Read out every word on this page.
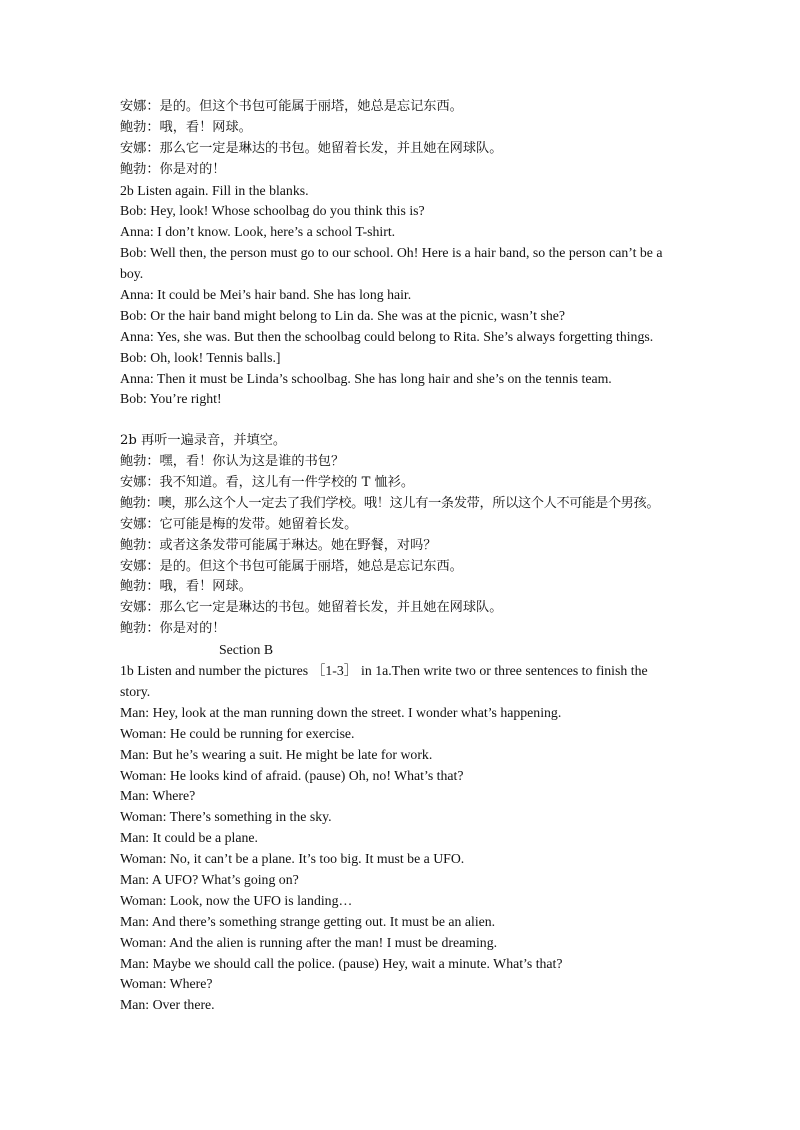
安娜：是的。但这个书包可能属于丽塔，她总是忘记东西。
鲍勃：哦，看！网球。
安娜：那么它一定是琳达的书包。她留着长发，并且她在网球队。
鲍勃：你是对的！
2b Listen again. Fill in the blanks.
Bob: Hey, look! Whose schoolbag do you think this is?
Anna: I don’t know. Look, here’s a school T-shirt.
Bob: Well then, the person must go to our school. Oh! Here is a hair band, so the person can’t be a
boy.
Anna: It could be Mei’s hair band. She has long hair.
Bob: Or the hair band might belong to Lin da. She was at the picnic, wasn’t she?
Anna: Yes, she was. But then the schoolbag could belong to Rita. She’s always forgetting things.
Bob: Oh, look! Tennis balls.]
Anna: Then it must be Linda’s schoolbag. She has long hair and she’s on the tennis team.
Bob: You’re right!
2b 再听一遍录音，并填空。
鲍勃：嘿，看！你认为这是谁的书包？
安娜：我不知道。看，这儿有一件学校的 T 恤衫。
鲍勃：噢，那么这个人一定去了我们学校。哦！这儿有一条发带，所以这个人不可能是个男孩。
安娜：它可能是梅的发带。她留着长发。
鲍勃：或者这条发带可能属于琳达。她在野餐，对吗？
安娜：是的。但这个书包可能属于丽塔，她总是忘记东西。
鲍勃：哦，看！网球。
安娜：那么它一定是琳达的书包。她留着长发，并且她在网球队。
鲍勃：你是对的！
Section B
1b Listen and number the pictures ［1-3］ in 1a.Then write two or three sentences to finish the
story.
Man: Hey, look at the man running down the street. I wonder what’s happening.
Woman: He could be running for exercise.
Man: But he’s wearing a suit. He might be late for work.
Woman: He looks kind of afraid. (pause) Oh, no! What’s that?
Man: Where?
Woman: There’s something in the sky.
Man: It could be a plane.
Woman: No, it can’t be a plane. It’s too big. It must be a UFO.
Man: A UFO? What’s going on?
Woman: Look, now the UFO is landing…
Man: And there’s something strange getting out. It must be an alien.
Woman: And the alien is running after the man! I must be dreaming.
Man: Maybe we should call the police. (pause) Hey, wait a minute. What’s that?
Woman: Where?
Man: Over there.
